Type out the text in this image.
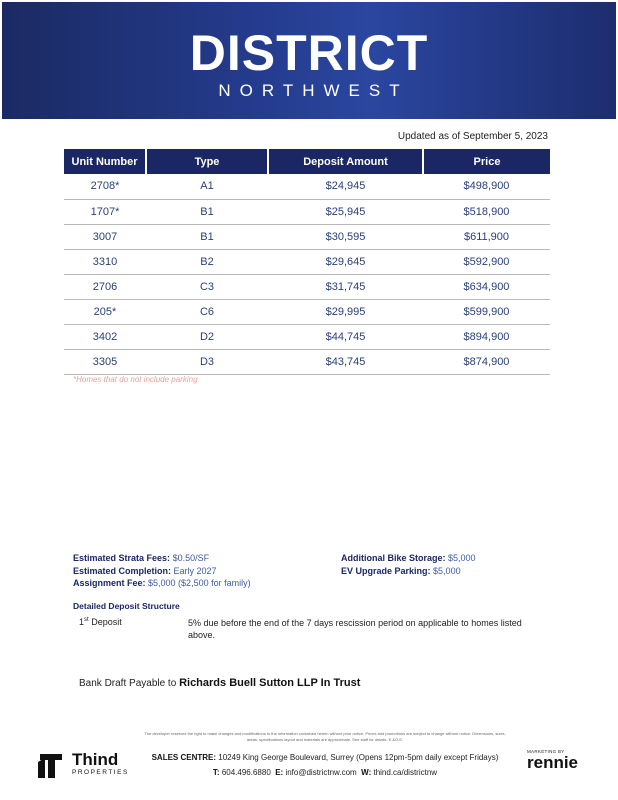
DISTRICT
NORTHWEST
Updated as of September 5, 2023
Unit Number	Type	Deposit Amount	Price
2708*	A1	$24,945	$498,900
1707*	B1	$25,945	$518,900
3007	B1	$30,595	$611,900
3310	B2	$29,645	$592,900
2706	C3	$31,745	$634,900
205*	C6	$29,995	$599,900
3402	D2	$44,745	$894,900
3305	D3	$43,745	$874,900
*Homes that do not include parking
Estimated Strata Fees: $0.50/SF
Estimated Completion: Early 2027
Assignment Fee: $5,000 ($2,500 for family)
Additional Bike Storage: $5,000
EV Upgrade Parking: $5,000
Detailed Deposit Structure
1st Deposit	5% due before the end of the 7 days rescission period on applicable to homes listed above.
Bank Draft Payable to Richards Buell Sutton LLP In Trust
The developer reserves the right to make changes and modifications to the information contained herein without prior notice. Prices and promotions are subject to change without notice. Dimensions, sizes, areas, specifications layout and materials are approximate. See staff for details. E.&O.E.
SALES CENTRE: 10249 King George Boulevard, Surrey (Opens 12pm-5pm daily except Fridays)
T: 604.496.6880 E: info@districtnw.com W: thind.ca/districtnw
Thind
PROPERTIES
MARKETING BY
rennie
